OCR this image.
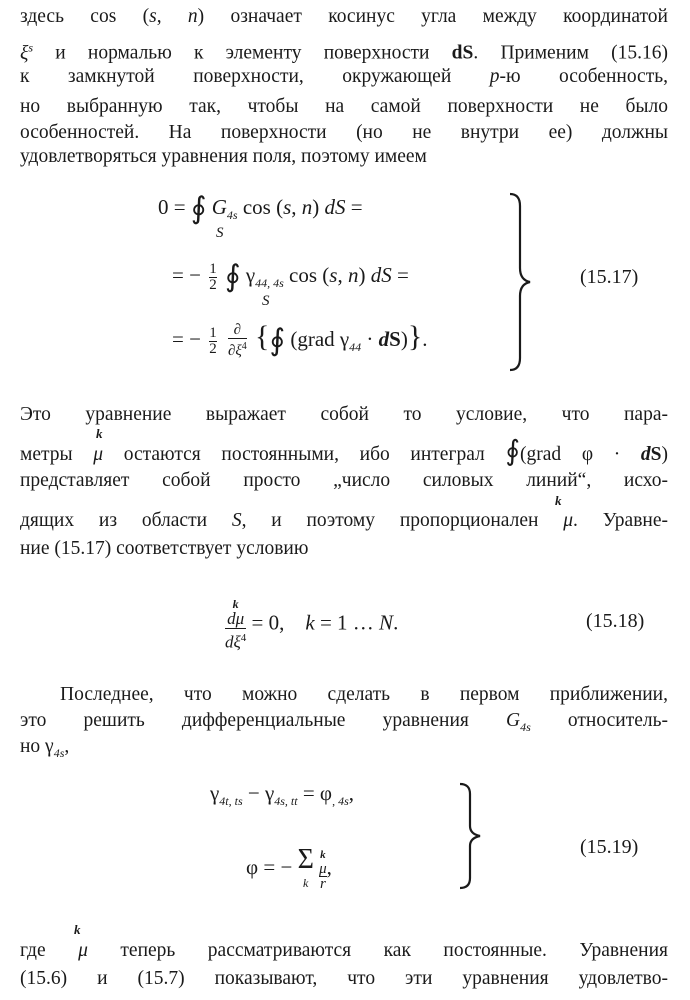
здесь cos (s, n) означает косинус угла между координатой
$\xi^s$ и нормалью к элементу поверхности dS. Применим (15.16)
к замкнутой поверхности, окружающей p-ю особенность,
но выбранную так, чтобы на самой поверхности не было
особенностей. На поверхности (но не внутри ее) должны
удовлетворяться уравнения поля, поэтому имеем
0 = ∮
S
$G_{4s}$ cos (s, n) dS =
= − $\frac{1}{2}$ ∮
S
$\gamma_{44, 4s}$ cos (s, n) dS =
= − $\frac{1}{2}$
	∂
$\partial\xi^4$ {∮ (grad $\gamma_{44} \cdot dS$)}.
(15.17)
Это уравнение выражает собой то условие, что пара-
k
метры μ остаются постоянными, ибо интеграл ∮(grad φ · dS)
представляет собой просто „число силовых линий“, исхо-
k
дящих из области S, и поэтому пропорционален μ. Уравне-
ние (15.17) соответствует условию
k
dμ
$d\xi^4$
= 0,    k = 1 … N.	(15.18)
Последнее, что можно сделать в первом приближении,
это решить дифференциальные уравнения $G_{4s}$ относитель-
но $\gamma_{4s}$,
$\gamma_{4t, ts} - \gamma_{4s, tt} = \varphi_{, 4s}$,
φ = − Σ
k

k
μ
r
,
(15.19)
k
где μ теперь рассматриваются как постоянные. Уравнения
(15.6) и (15.7) показывают, что эти уравнения удовлетво-
